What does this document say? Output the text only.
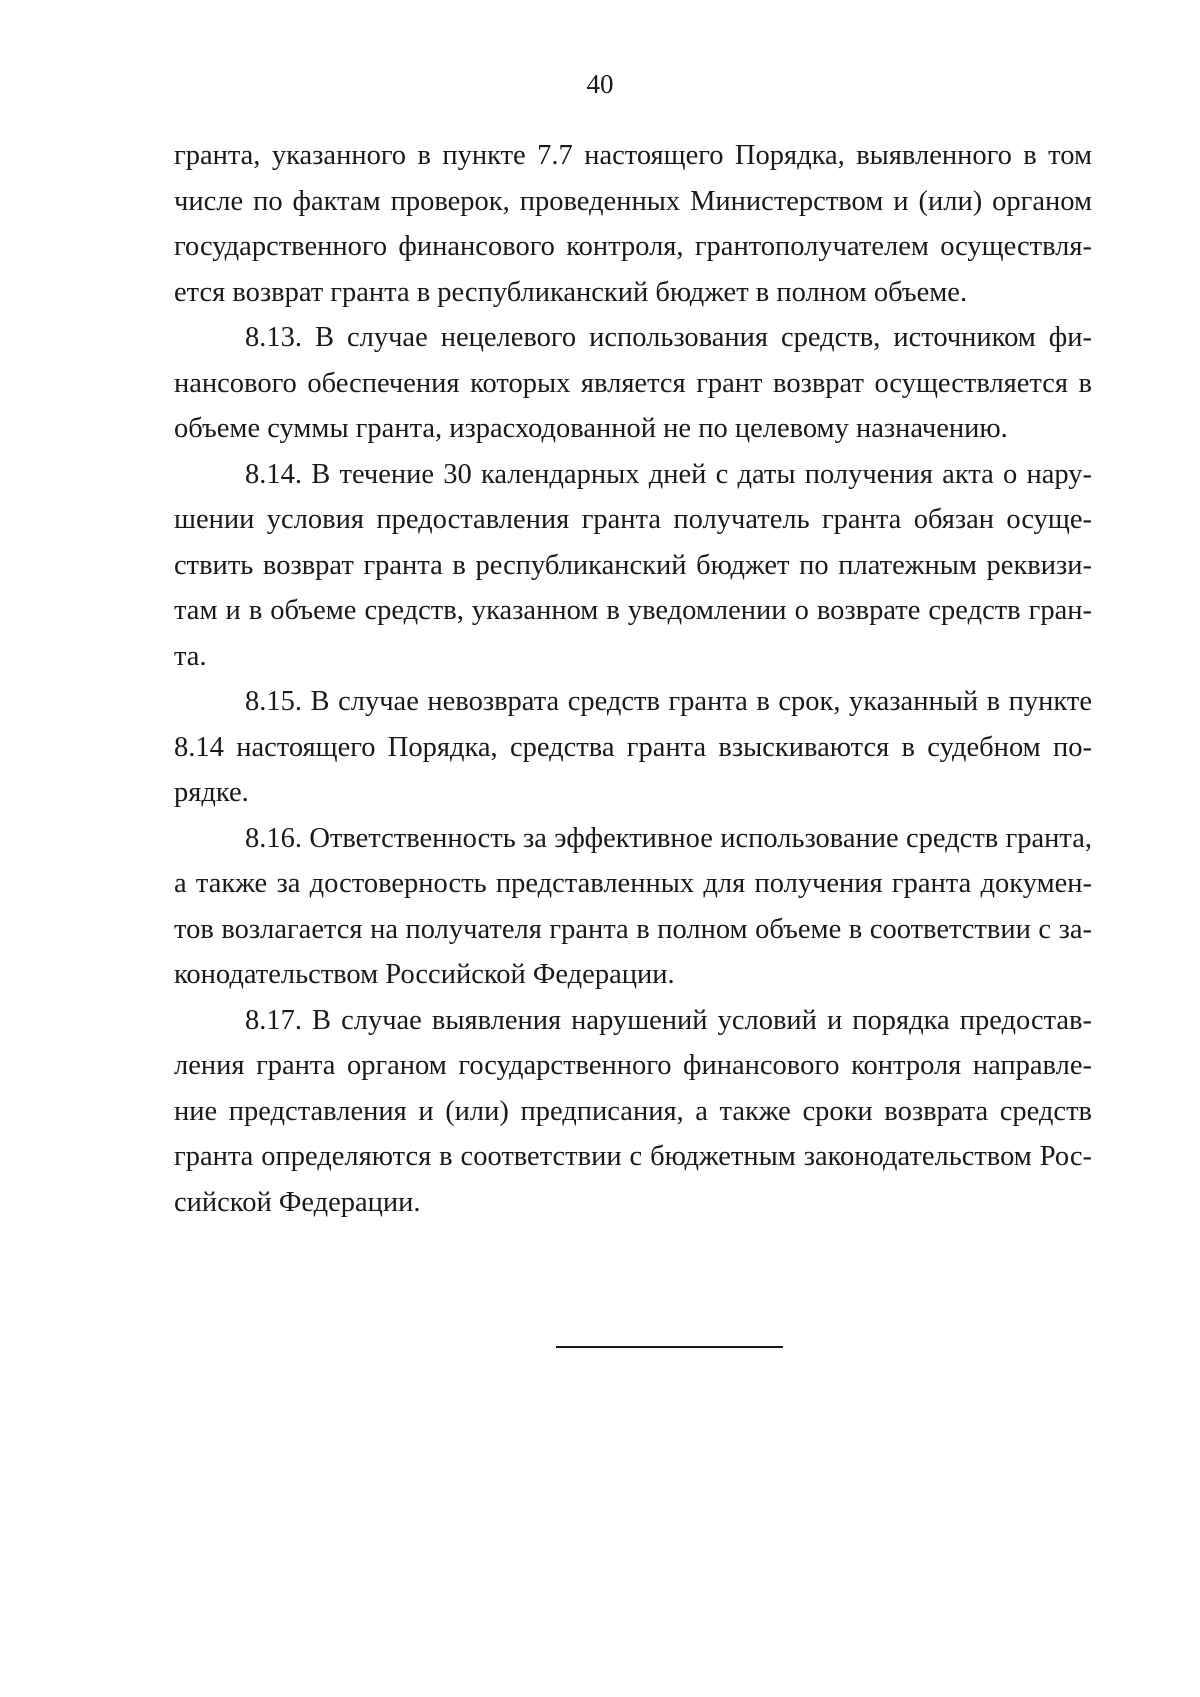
40

гранта, указанного в пункте 7.7 настоящего Порядка, выявленного в том
числе по фактам проверок, проведенных Министерством и (или) органом
государственного финансового контроля, грантополучателем осуществля-
ется возврат гранта в республиканский бюджет в полном объеме.

8.13. В случае нецелевого использования средств, источником фи-
нансового обеспечения которых является грант возврат осуществляется в
объеме суммы гранта, израсходованной не по целевому назначению.

8.14. В течение 30 календарных дней с даты получения акта о нару-
шении условия предоставления гранта получатель гранта обязан осуще-
ствить возврат гранта в республиканский бюджет по платежным реквизи-
там и в объеме средств, указанном в уведомлении о возврате средств гран-
та.

8.15. В случае невозврата средств гранта в срок, указанный в пункте
8.14 настоящего Порядка, средства гранта взыскиваются в судебном по-
рядке.

8.16. Ответственность за эффективное использование средств гранта,
а также за достоверность представленных для получения гранта докумен-
тов возлагается на получателя гранта в полном объеме в соответствии с за-
конодательством Российской Федерации.

8.17. В случае выявления нарушений условий и порядка предостав-
ления гранта органом государственного финансового контроля направле-
ние представления и (или) предписания, а также сроки возврата средств
гранта определяются в соответствии с бюджетным законодательством Рос-
сийской Федерации.
